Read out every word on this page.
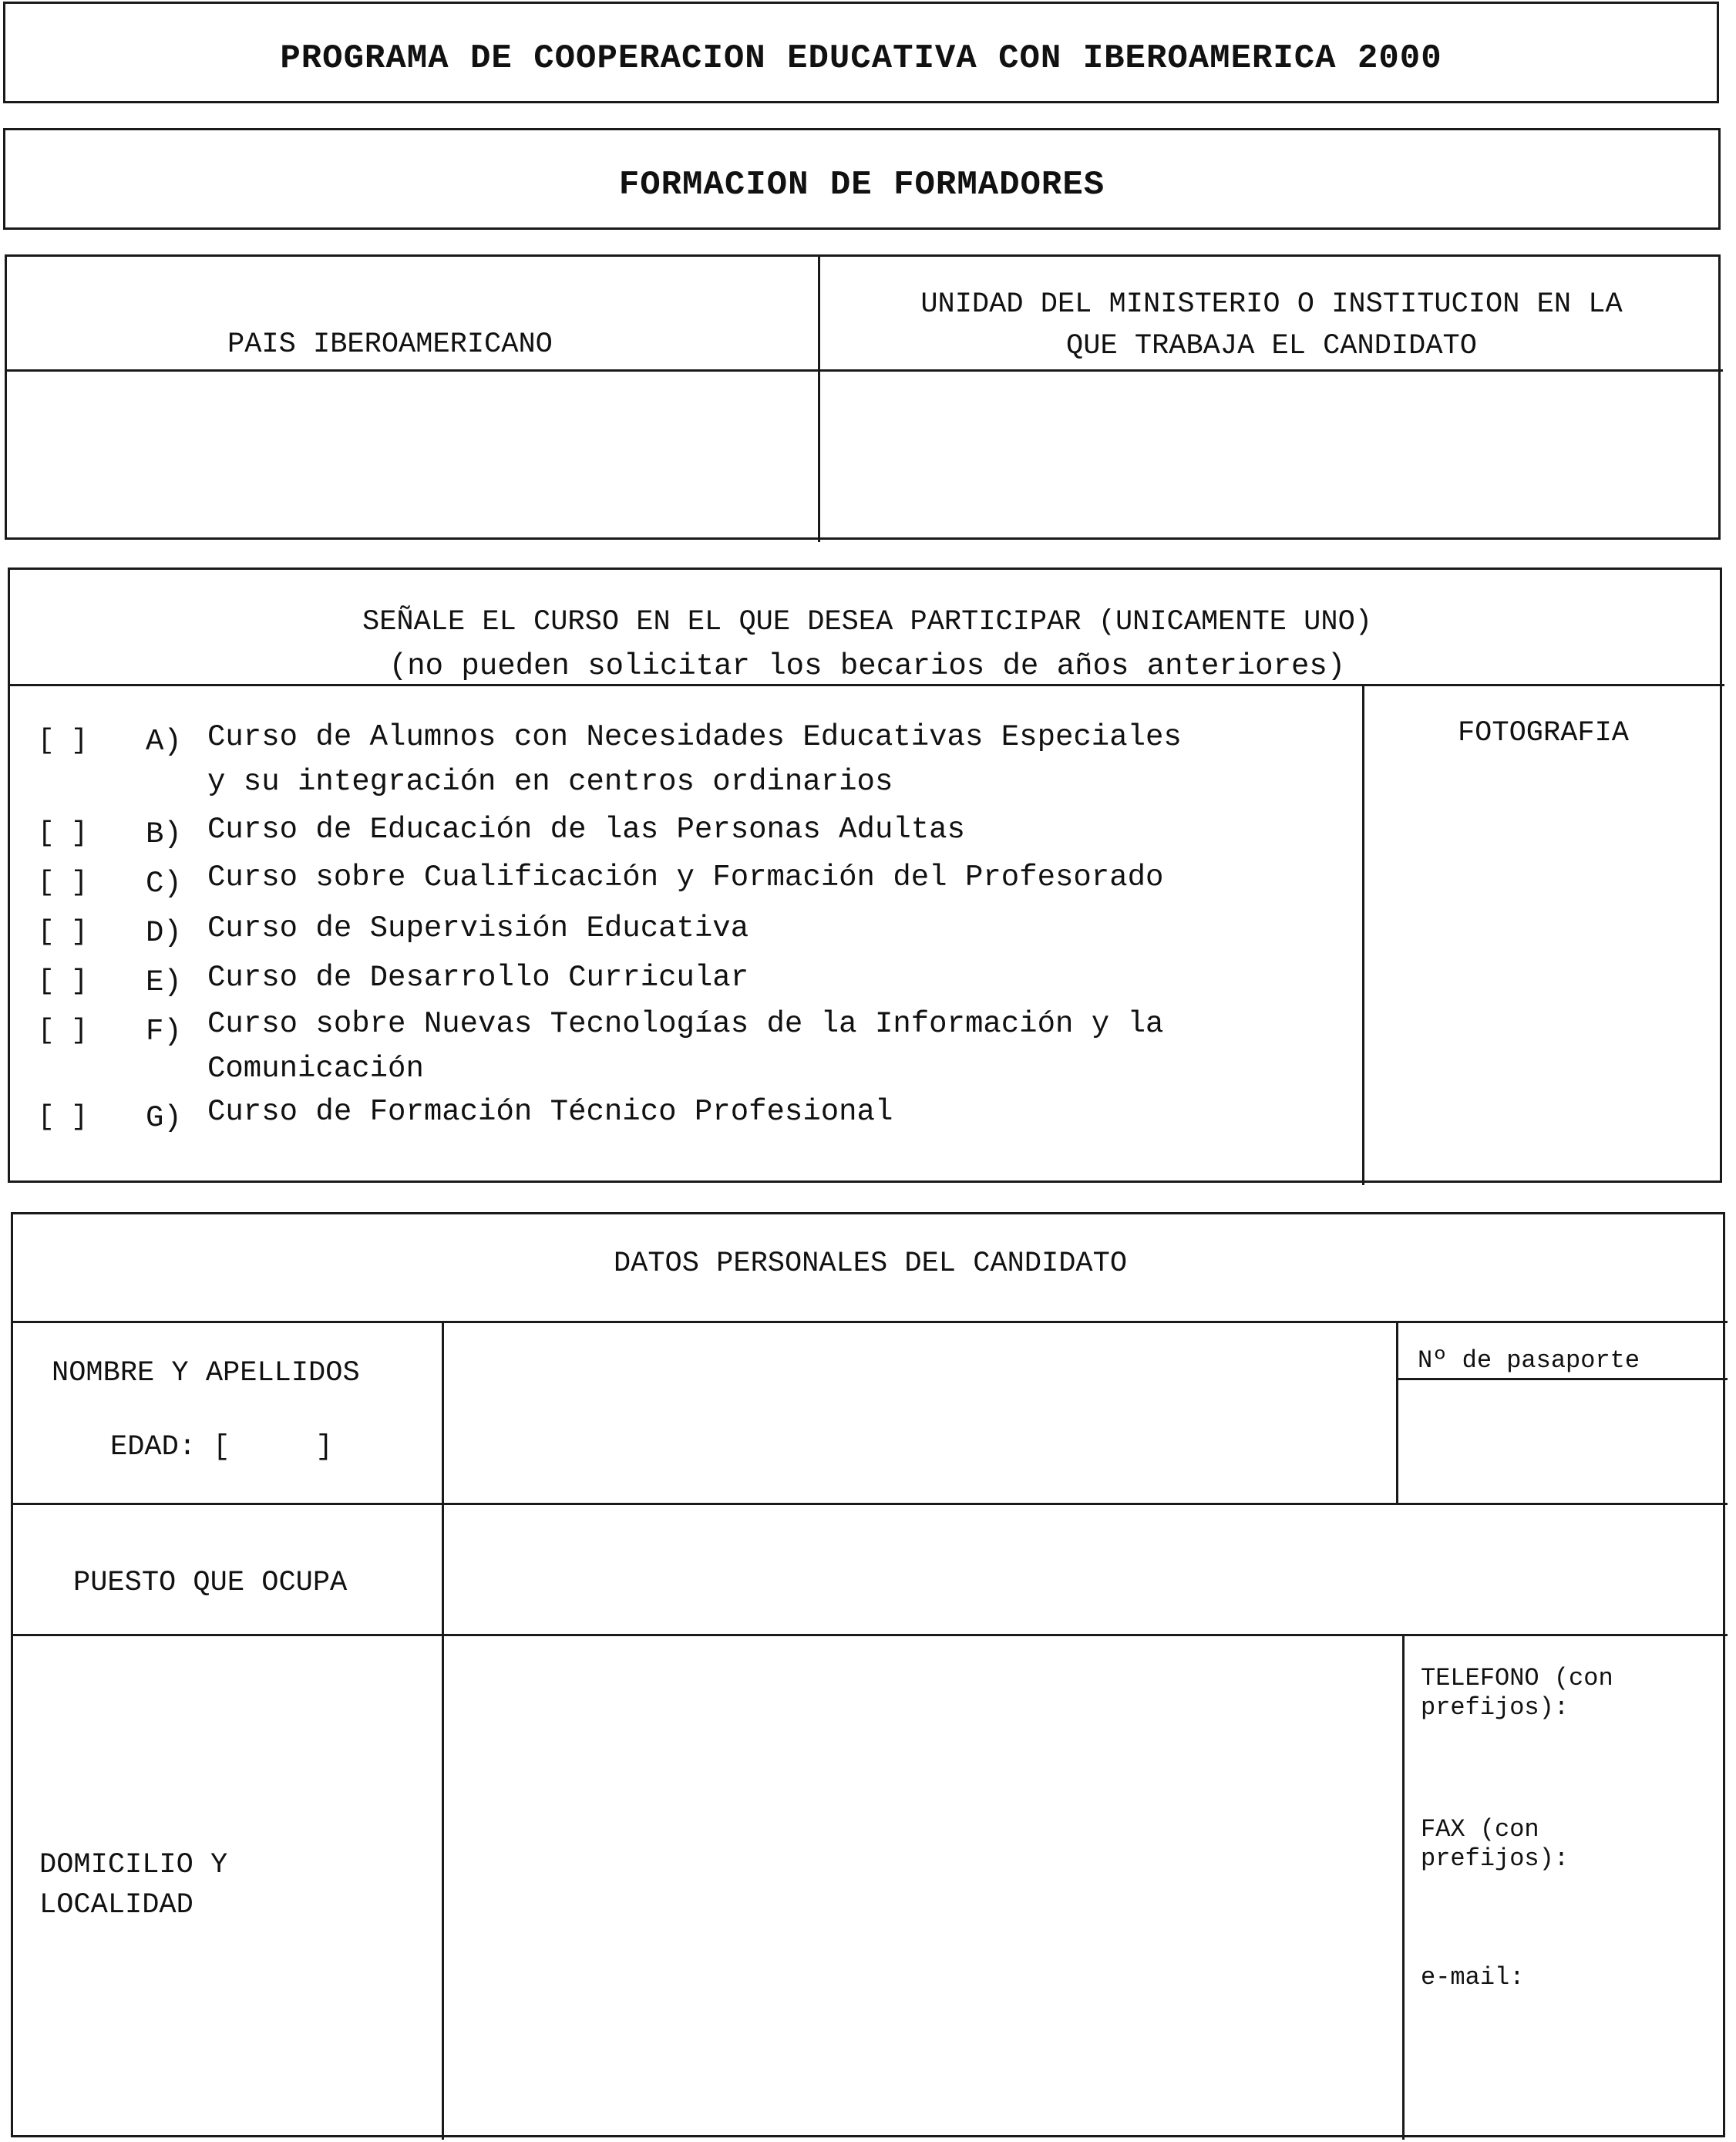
PROGRAMA DE COOPERACION EDUCATIVA CON IBEROAMERICA 2000
FORMACION DE FORMADORES
PAIS IBEROAMERICANO
UNIDAD DEL MINISTERIO O INSTITUCION EN LA
QUE TRABAJA EL CANDIDATO
SEÑALE EL CURSO EN EL QUE DESEA PARTICIPAR (UNICAMENTE UNO)
(no pueden solicitar los becarios de años anteriores)
FOTOGRAFIA
[ ] A) Curso de Alumnos con Necesidades Educativas Especiales
y su integración en centros ordinarios
[ ] B) Curso de Educación de las Personas Adultas
[ ] C) Curso sobre Cualificación y Formación del Profesorado
[ ] D) Curso de Supervisión Educativa
[ ] E) Curso de Desarrollo Curricular
[ ] F) Curso sobre Nuevas Tecnologías de la Información y la
Comunicación
[ ] G) Curso de Formación Técnico Profesional
DATOS PERSONALES DEL CANDIDATO
NOMBRE Y APELLIDOS
EDAD: [     ]
Nº de pasaporte
PUESTO QUE OCUPA
DOMICILIO Y
LOCALIDAD
TELEFONO (con
prefijos):
FAX (con
prefijos):
e-mail:
